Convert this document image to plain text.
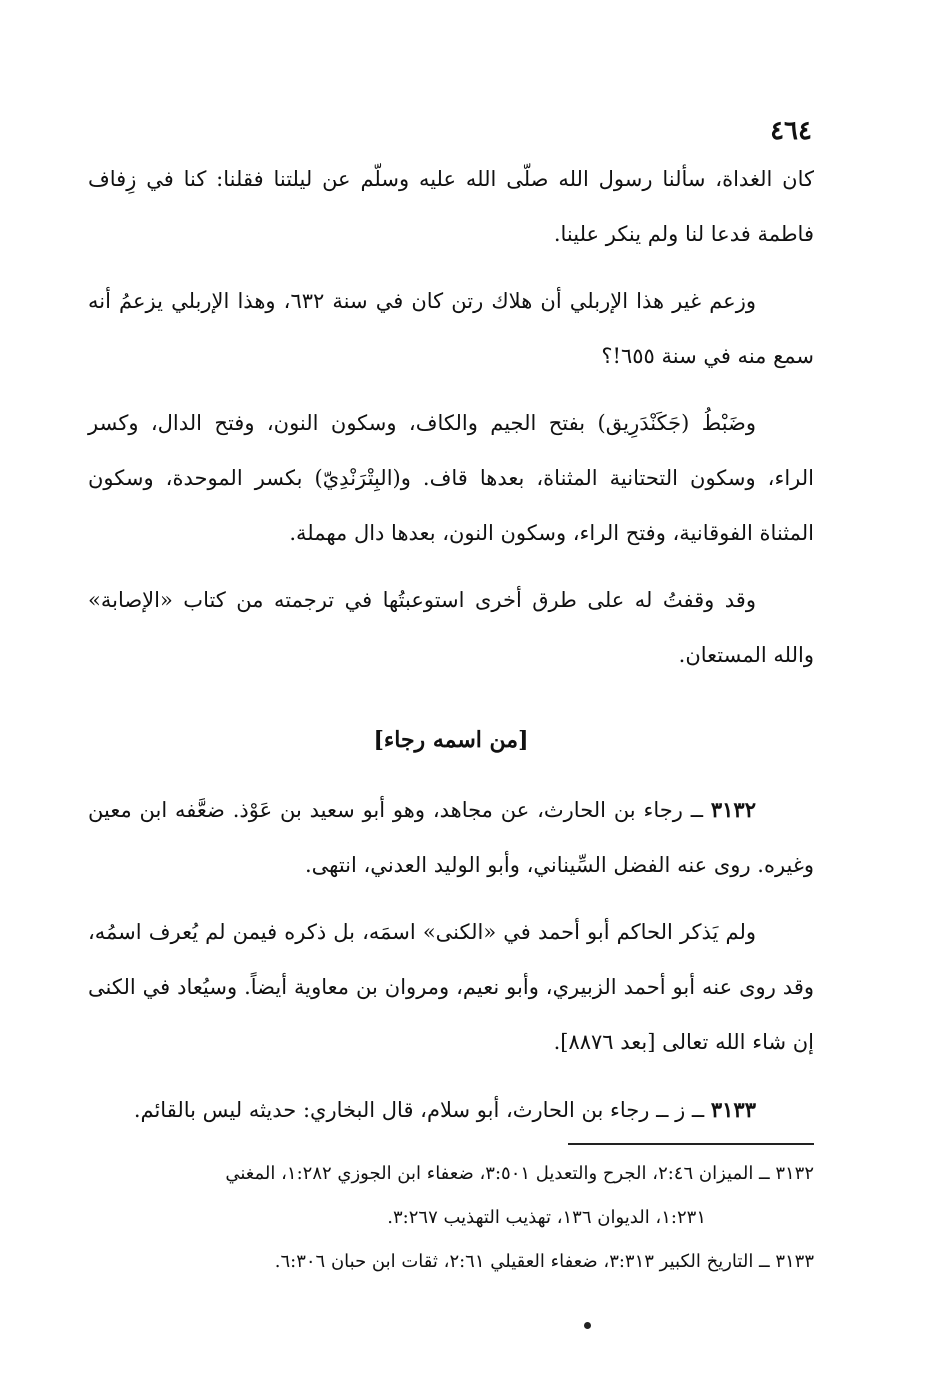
٤٦٤

كان الغداة، سألنا رسول الله صلّى الله عليه وسلّم عن ليلتنا فقلنا: كنا في زِفاف فاطمة فدعا لنا ولم ينكر علينا.

وزعم غير هذا الإربلي أن هلاك رتن كان في سنة ٦٣٢، وهذا الإربلي يزعمُ أنه سمع منه في سنة ٦٥٥!؟

وضَبْطُ (جَكَنْدَرِيق) بفتح الجيم والكاف، وسكون النون، وفتح الدال، وكسر الراء، وسكون التحتانية المثناة، بعدها قاف. و(البِتْرَنْدِيّ) بكسر الموحدة، وسكون المثناة الفوقانية، وفتح الراء، وسكون النون، بعدها دال مهملة.

وقد وقفتُ له على طرق أخرى استوعبتُها في ترجمته من كتاب «الإصابة» والله المستعان.

[من اسمه رجاء]

٣١٣٢ ــ رجاء بن الحارث، عن مجاهد، وهو أبو سعيد بن عَوْذ. ضعَّفه ابن معين وغيره. روى عنه الفضل السِّيناني، وأبو الوليد العدني، انتهى.

ولم يَذكر الحاكم أبو أحمد في «الكنى» اسمَه، بل ذكره فيمن لم يُعرف اسمُه، وقد روى عنه أبو أحمد الزبيري، وأبو نعيم، ومروان بن معاوية أيضاً. وسيُعاد في الكنى إن شاء الله تعالى [بعد ٨٨٧٦].

٣١٣٣ ــ ز ــ رجاء بن الحارث، أبو سلام، قال البخاري: حديثه ليس بالقائم.

٣١٣٢ ــ الميزان ٢:٤٦، الجرح والتعديل ٣:٥٠١، ضعفاء ابن الجوزي ١:٢٨٢، المغني

١:٢٣١، الديوان ١٣٦، تهذيب التهذيب ٣:٢٦٧.

٣١٣٣ ــ التاريخ الكبير ٣:٣١٣، ضعفاء العقيلي ٢:٦١، ثقات ابن حبان ٦:٣٠٦.
